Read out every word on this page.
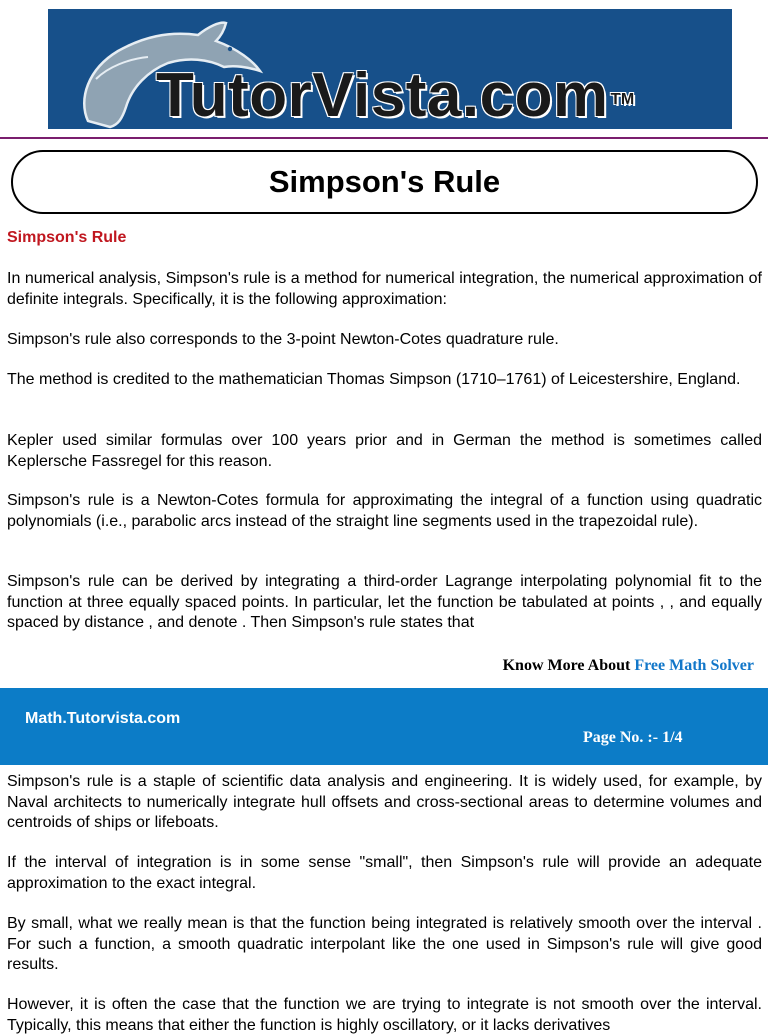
TutorVista.com ™
Simpson's Rule
Simpson's Rule
In numerical analysis, Simpson's rule is a method for numerical integration, the numerical approximation of definite integrals. Specifically, it is the following approximation:
Simpson's rule also corresponds to the 3-point Newton-Cotes quadrature rule.
The method is credited to the mathematician Thomas Simpson (1710–1761) of Leicestershire, England.
Kepler used similar formulas over 100 years prior and in German the method is sometimes called Keplersche Fassregel for this reason.
Simpson's rule is a Newton-Cotes formula for approximating the integral of a function using quadratic polynomials (i.e., parabolic arcs instead of the straight line segments used in the trapezoidal rule).
Simpson's rule can be derived by integrating a third-order Lagrange interpolating polynomial fit to the function at three equally spaced points. In particular, let the function be tabulated at points , , and equally spaced by distance , and denote . Then Simpson's rule states that
Know More About Free Math Solver
Math.Tutorvista.com
Page No. :- 1/4
Simpson's rule is a staple of scientific data analysis and engineering. It is widely used, for example, by Naval architects to numerically integrate hull offsets and cross-sectional areas to determine volumes and centroids of ships or lifeboats.
If the interval of integration is in some sense "small", then Simpson's rule will provide an adequate approximation to the exact integral.
By small, what we really mean is that the function being integrated is relatively smooth over the interval . For such a function, a smooth quadratic interpolant like the one used in Simpson's rule will give good results.
However, it is often the case that the function we are trying to integrate is not smooth over the interval. Typically, this means that either the function is highly oscillatory, or it lacks derivatives
